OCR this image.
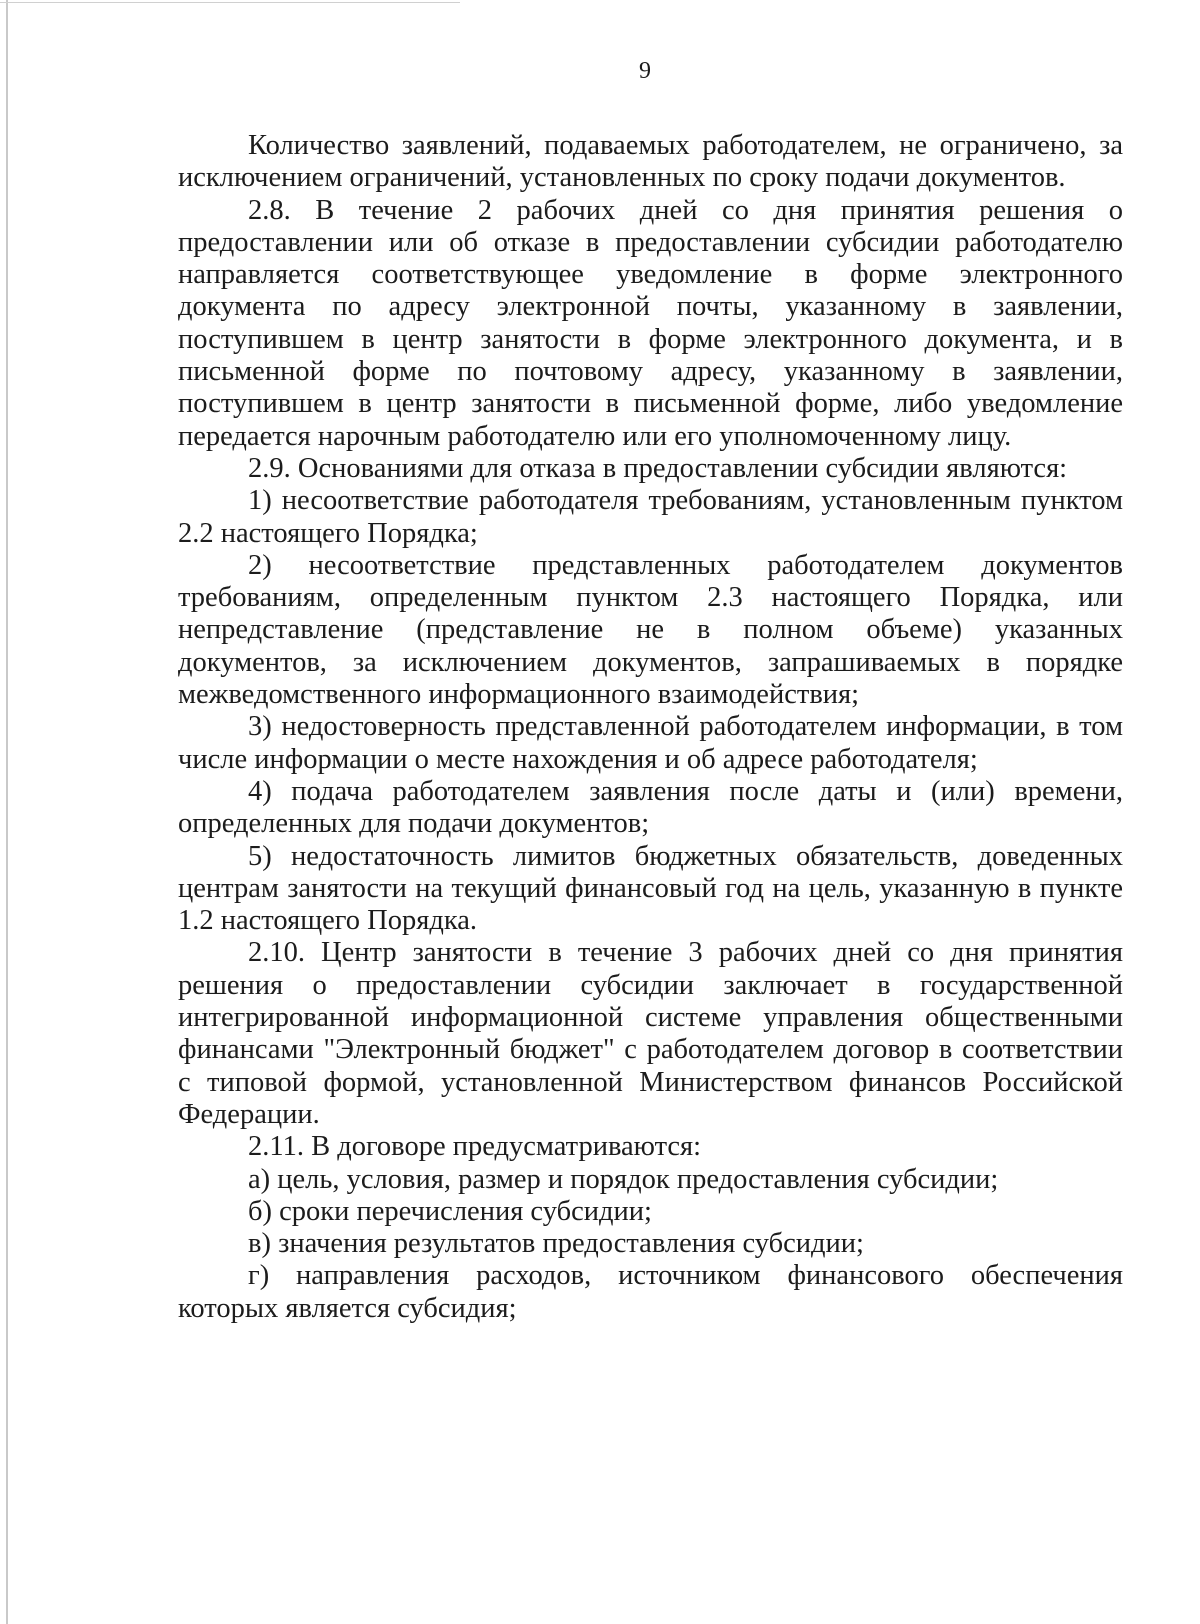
9

Количество заявлений, подаваемых работодателем, не ограничено, за исключением ограничений, установленных по сроку подачи документов.

2.8. В течение 2 рабочих дней со дня принятия решения о предоставлении или об отказе в предоставлении субсидии работодателю направляется соответствующее уведомление в форме электронного документа по адресу электронной почты, указанному в заявлении, поступившем в центр занятости в форме электронного документа, и в письменной форме по почтовому адресу, указанному в заявлении, поступившем в центр занятости в письменной форме, либо уведомление передается нарочным работодателю или его уполномоченному лицу.

2.9. Основаниями для отказа в предоставлении субсидии являются:

1) несоответствие работодателя требованиям, установленным пунктом 2.2 настоящего Порядка;

2) несоответствие представленных работодателем документов требованиям, определенным пунктом 2.3 настоящего Порядка, или непредставление (представление не в полном объеме) указанных документов, за исключением документов, запрашиваемых в порядке межведомственного информационного взаимодействия;

3) недостоверность представленной работодателем информации, в том числе информации о месте нахождения и об адресе работодателя;

4) подача работодателем заявления после даты и (или) времени, определенных для подачи документов;

5) недостаточность лимитов бюджетных обязательств, доведенных центрам занятости на текущий финансовый год на цель, указанную в пункте 1.2 настоящего Порядка.

2.10. Центр занятости в течение 3 рабочих дней со дня принятия решения о предоставлении субсидии заключает в государственной интегрированной информационной системе управления общественными финансами "Электронный бюджет" с работодателем договор в соответствии с типовой формой, установленной Министерством финансов Российской Федерации.

2.11. В договоре предусматриваются:

а) цель, условия, размер и порядок предоставления субсидии;

б) сроки перечисления субсидии;

в) значения результатов предоставления субсидии;

г) направления расходов, источником финансового обеспечения которых является субсидия;
